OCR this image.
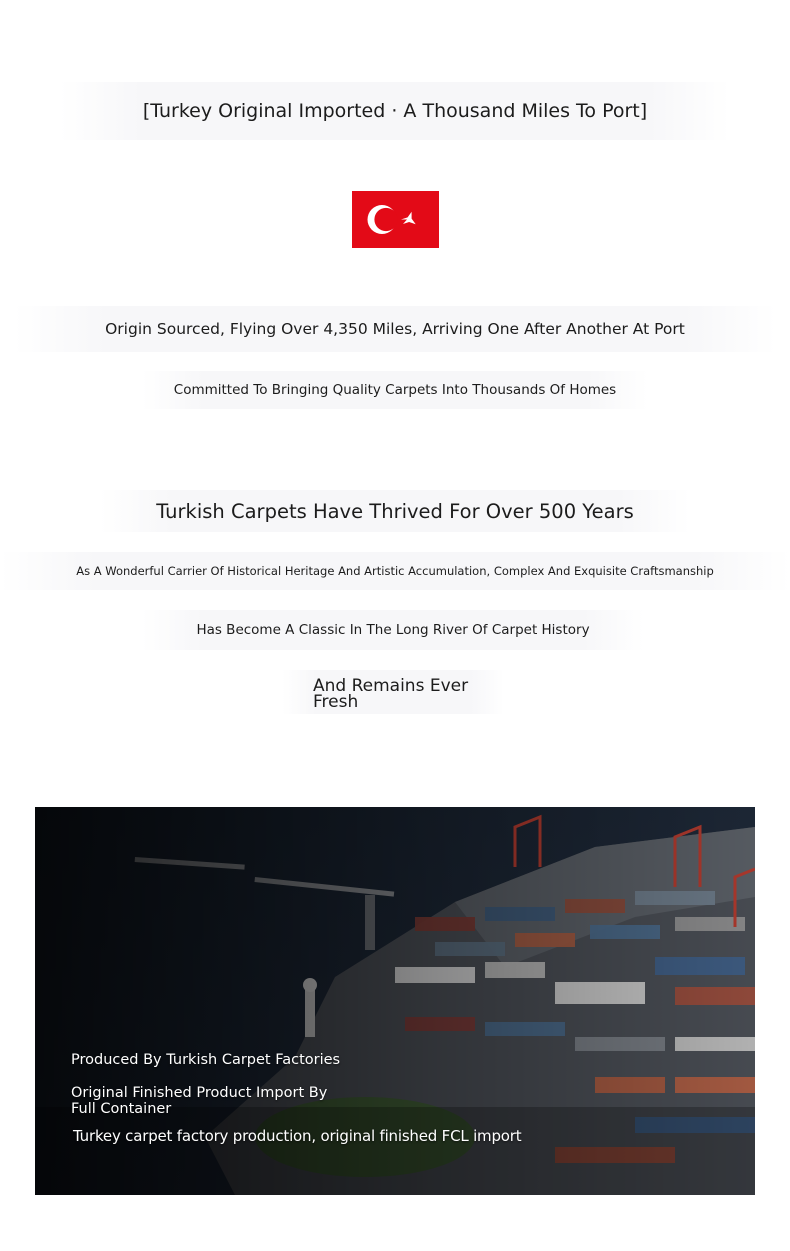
[Turkey Original Imported · A Thousand Miles To Port]
Origin Sourced, Flying Over 4,350 Miles, Arriving One After Another At Port
Committed To Bringing Quality Carpets Into Thousands Of Homes
Turkish Carpets Have Thrived For Over 500 Years
As A Wonderful Carrier Of Historical Heritage And Artistic Accumulation, Complex And Exquisite Craftsmanship
Has Become A Classic In The Long River Of Carpet History
And Remains Ever Fresh
Produced By Turkish Carpet Factories
Original Finished Product Import By Full Container
Turkey carpet factory production, original finished FCL import
